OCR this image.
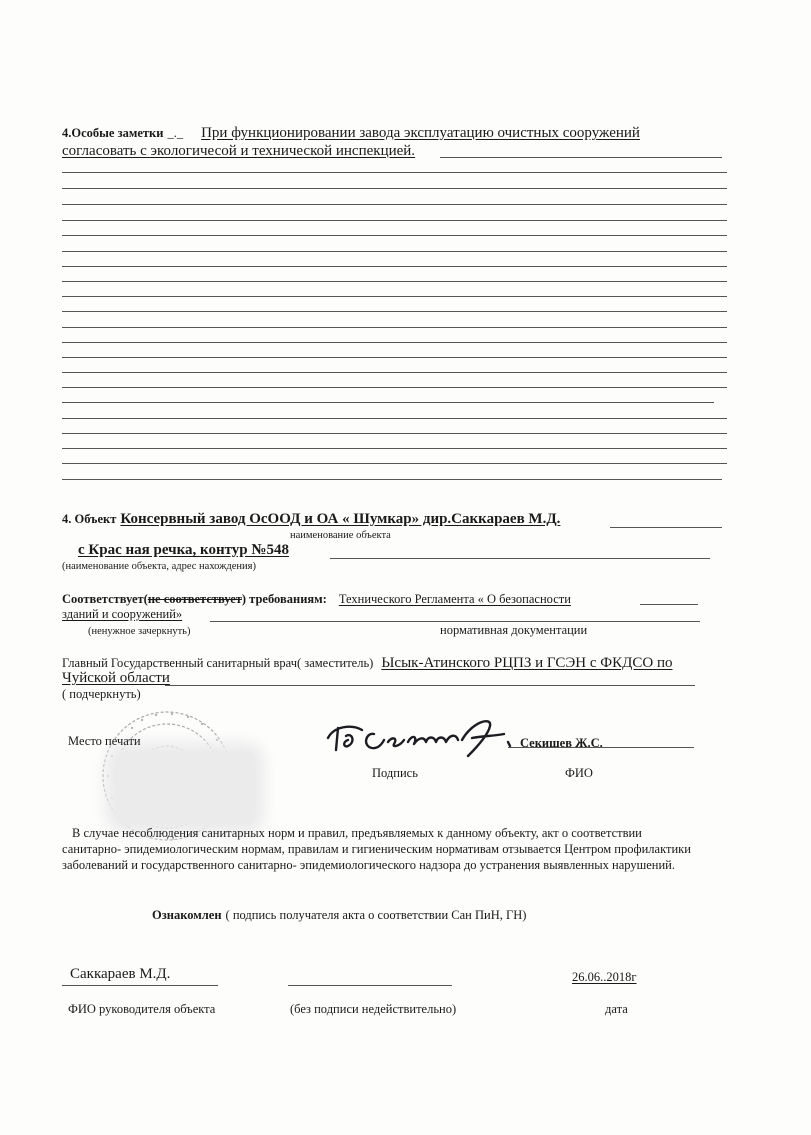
4.Особые заметки _._ При функционировании завода эксплуатацию очистных сооружений
согласовать с экологичесой и технической инспекцией.
4. Объект Консервный завод ОсООД и ОА « Шумкар» дир.Саккараев М.Д.
наименование объекта
с Крас ная речка, контур №548
(наименование объекта, адрес нахождения)
Соответствует(не соответствует) требованиям: Технического Регламента « О безопасности
зданий и сооружений»
(ненужное зачеркнуть)	нормативная документации
Главный Государственный санитарный врач( заместитель) Ысык-Атинского РЦПЗ и ГСЭН с ФКДСО по
Чуйской области
( подчеркнуть)
Место печати	Секишев Ж.С.
Подпись	ФИО
В случае несоблюдения санитарных норм и правил, предъявляемых к данному объекту, акт о соответствии
санитарно- эпидемиологическим нормам, правилам и гигиеническим нормативам отзывается Центром профилактики
заболеваний и государственного санитарно- эпидемиологического надзора до устранения выявленных нарушений.
Ознакомлен ( подпись получателя акта о соответствии Сан ПиН, ГН)
Саккараев М.Д.	26.06..2018г
ФИО руководителя объекта	(без подписи недействительно)	дата
